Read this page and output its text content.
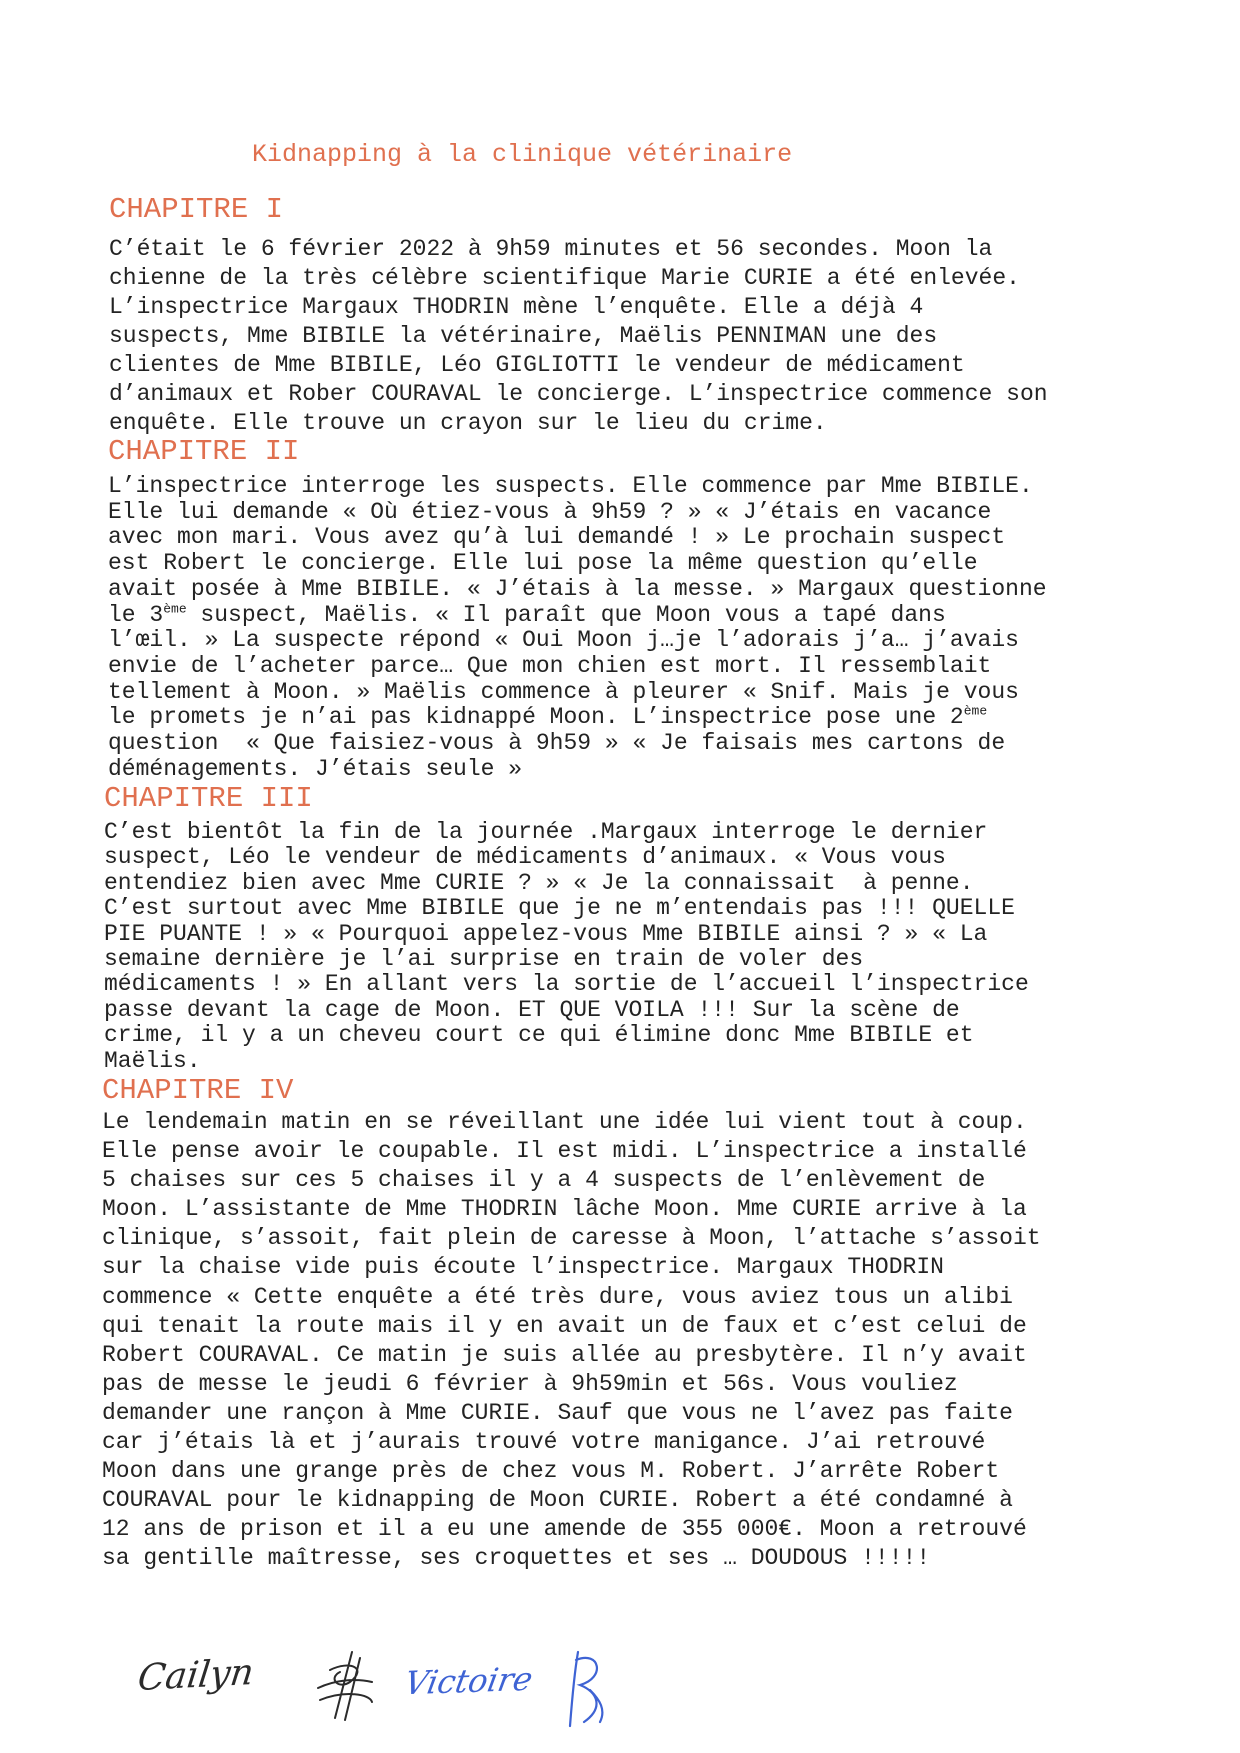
Kidnapping à la clinique vétérinaire
CHAPITRE I
C’était le 6 février 2022 à 9h59 minutes et 56 secondes. Moon la
chienne de la très célèbre scientifique Marie CURIE a été enlevée.
L’inspectrice Margaux THODRIN mène l’enquête. Elle a déjà 4
suspects, Mme BIBILE la vétérinaire, Maëlis PENNIMAN une des
clientes de Mme BIBILE, Léo GIGLIOTTI le vendeur de médicament
d’animaux et Rober COURAVAL le concierge. L’inspectrice commence son
enquête. Elle trouve un crayon sur le lieu du crime.
CHAPITRE II
L’inspectrice interroge les suspects. Elle commence par Mme BIBILE.
Elle lui demande « Où étiez-vous à 9h59 ? » « J’étais en vacance
avec mon mari. Vous avez qu’à lui demandé ! » Le prochain suspect
est Robert le concierge. Elle lui pose la même question qu’elle
avait posée à Mme BIBILE. « J’étais à la messe. » Margaux questionne
le 3ème suspect, Maëlis. « Il paraît que Moon vous a tapé dans
l’œil. » La suspecte répond « Oui Moon j…je l’adorais j’a… j’avais
envie de l’acheter parce… Que mon chien est mort. Il ressemblait
tellement à Moon. » Maëlis commence à pleurer « Snif. Mais je vous
le promets je n’ai pas kidnappé Moon. L’inspectrice pose une 2ème
question  « Que faisiez-vous à 9h59 » « Je faisais mes cartons de
déménagements. J’étais seule »
CHAPITRE III
C’est bientôt la fin de la journée .Margaux interroge le dernier
suspect, Léo le vendeur de médicaments d’animaux. « Vous vous
entendiez bien avec Mme CURIE ? » « Je la connaissait  à penne.
C’est surtout avec Mme BIBILE que je ne m’entendais pas !!! QUELLE
PIE PUANTE ! » « Pourquoi appelez-vous Mme BIBILE ainsi ? » « La
semaine dernière je l’ai surprise en train de voler des
médicaments ! » En allant vers la sortie de l’accueil l’inspectrice
passe devant la cage de Moon. ET QUE VOILA !!! Sur la scène de
crime, il y a un cheveu court ce qui élimine donc Mme BIBILE et
Maëlis.
CHAPITRE IV
Le lendemain matin en se réveillant une idée lui vient tout à coup.
Elle pense avoir le coupable. Il est midi. L’inspectrice a installé
5 chaises sur ces 5 chaises il y a 4 suspects de l’enlèvement de
Moon. L’assistante de Mme THODRIN lâche Moon. Mme CURIE arrive à la
clinique, s’assoit, fait plein de caresse à Moon, l’attache s’assoit
sur la chaise vide puis écoute l’inspectrice. Margaux THODRIN
commence « Cette enquête a été très dure, vous aviez tous un alibi
qui tenait la route mais il y en avait un de faux et c’est celui de
Robert COURAVAL. Ce matin je suis allée au presbytère. Il n’y avait
pas de messe le jeudi 6 février à 9h59min et 56s. Vous vouliez
demander une rançon à Mme CURIE. Sauf que vous ne l’avez pas faite
car j’étais là et j’aurais trouvé votre manigance. J’ai retrouvé
Moon dans une grange près de chez vous M. Robert. J’arrête Robert
COURAVAL pour le kidnapping de Moon CURIE. Robert a été condamné à
12 ans de prison et il a eu une amende de 355 000€. Moon a retrouvé
sa gentille maîtresse, ses croquettes et ses … DOUDOUS !!!!!
Cailyn	Victoire
